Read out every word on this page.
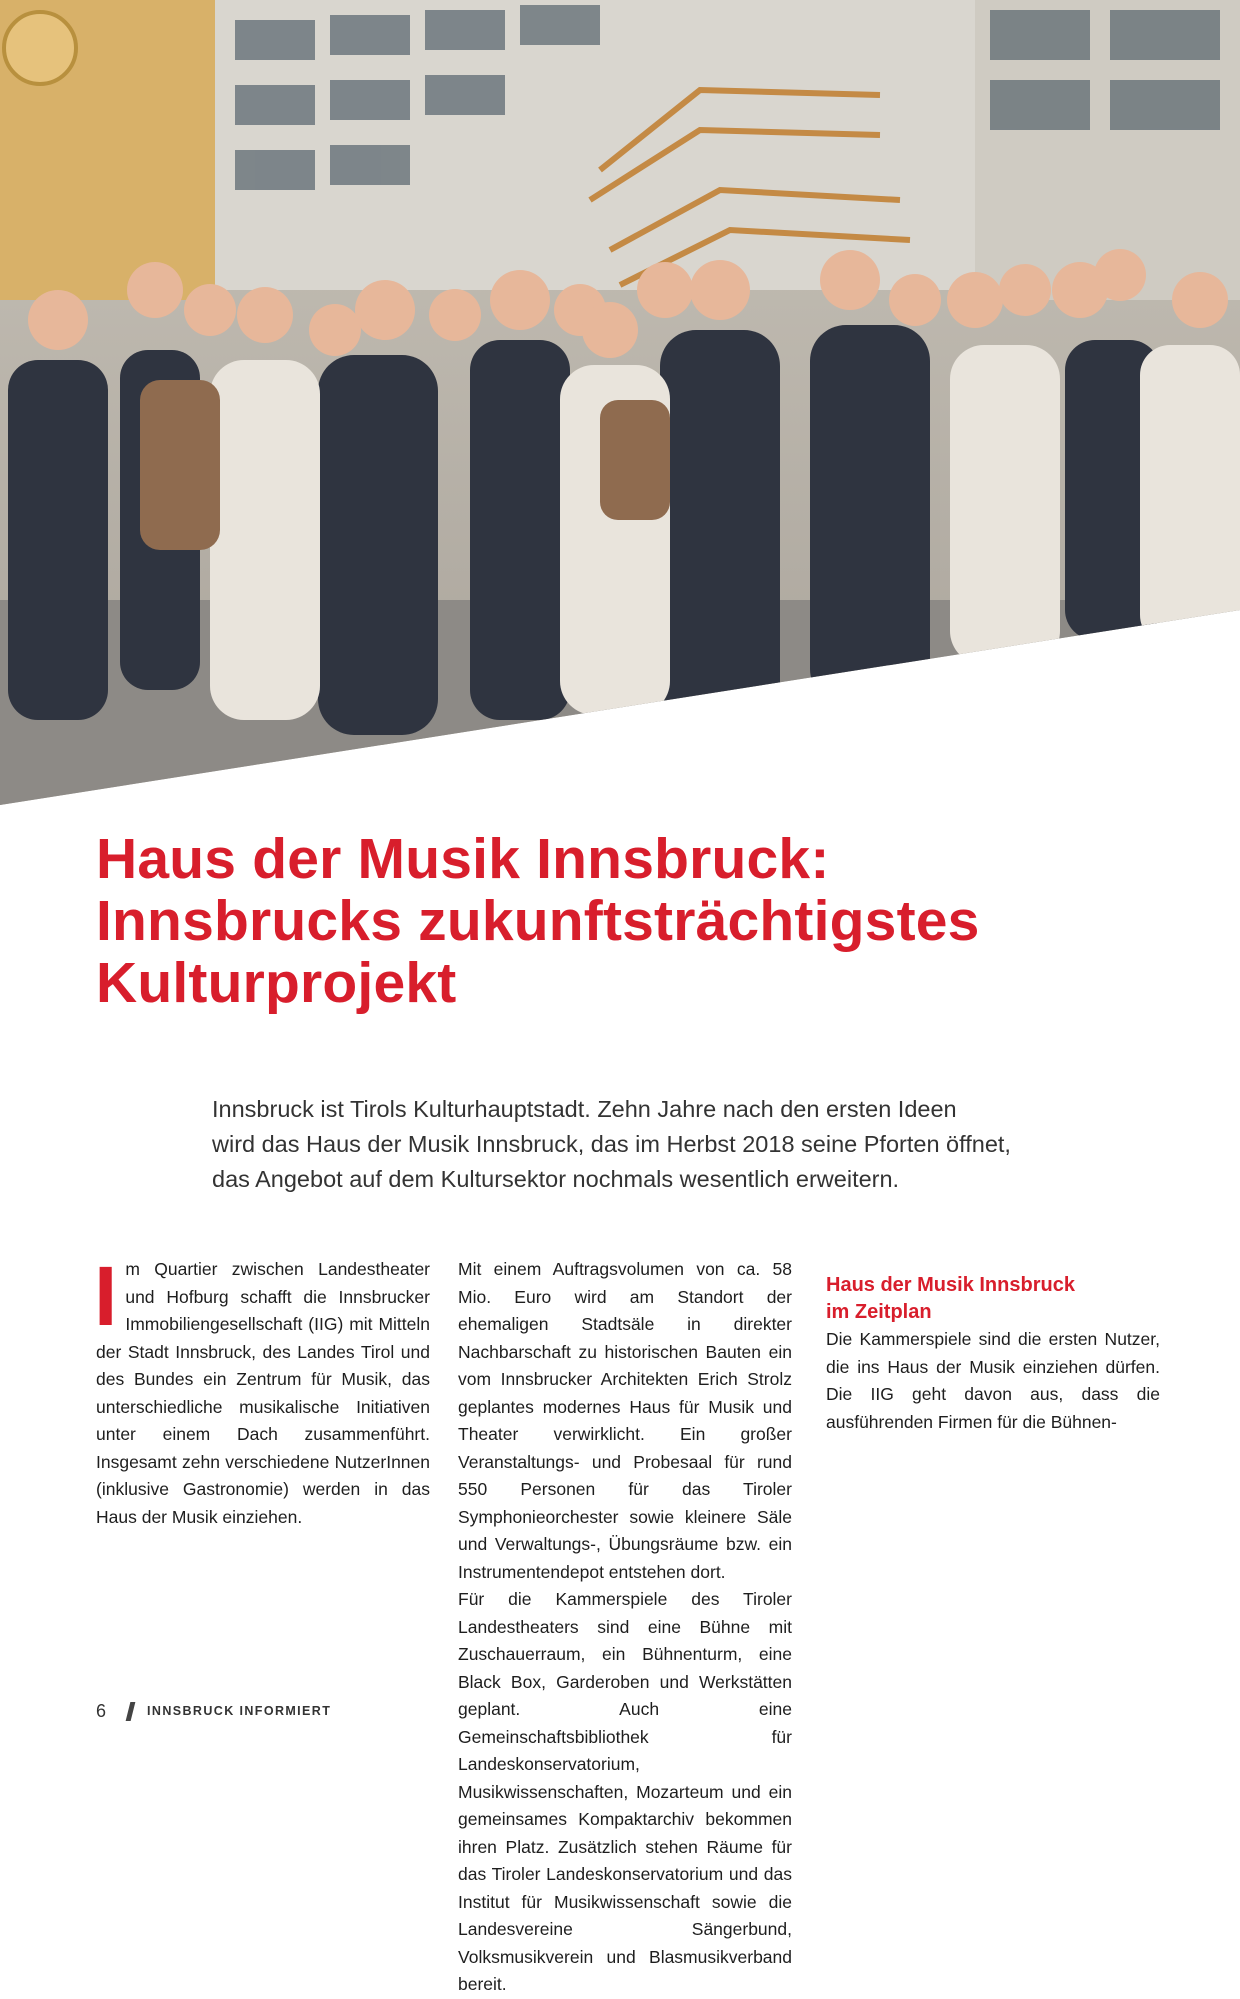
Haus der Musik Innsbruck:
Innsbrucks zukunftsträchtigstes
Kulturprojekt

Innsbruck ist Tirols Kulturhauptstadt. Zehn Jahre nach den ersten Ideen
wird das Haus der Musik Innsbruck, das im Herbst 2018 seine Pforten öffnet,
das Angebot auf dem Kultursektor nochmals wesentlich erweitern.

I m Quartier zwischen Landestheater und Hofburg schafft die Innsbrucker Immobiliengesellschaft (IIG) mit Mitteln der Stadt Innsbruck, des Landes Tirol und des Bundes ein Zentrum für Musik, das unterschiedliche musikalische Initiativen unter einem Dach zusammenführt. Insgesamt zehn verschiedene NutzerInnen (inklusive Gastronomie) werden in das Haus der Musik einziehen.

Mit einem Auftragsvolumen von ca. 58 Mio. Euro wird am Standort der ehemaligen Stadtsäle in direkter Nachbarschaft zu historischen Bauten ein vom Innsbrucker Architekten Erich Strolz geplantes modernes Haus für Musik und Theater verwirklicht. Ein großer Veranstaltungs- und Probesaal für rund 550 Personen für das Tiroler Symphonieorchester sowie kleinere Säle und Verwaltungs-, Übungsräume bzw. ein Instrumentendepot entstehen dort.

Für die Kammerspiele des Tiroler Landestheaters sind eine Bühne mit Zuschauerraum, ein Bühnenturm, eine Black Box, Garderoben und Werkstätten geplant. Auch eine Gemeinschaftsbibliothek für Landeskonservatorium, Musikwissenschaften, Mozarteum und ein gemeinsames Kompaktarchiv bekommen ihren Platz. Zusätzlich stehen Räume für das Tiroler Landeskonservatorium und das Institut für Musikwissenschaft sowie die Landesvereine Sängerbund, Volksmusikverein und Blasmusikverband bereit.

Haus der Musik Innsbruck
im Zeitplan

Die Kammerspiele sind die ersten Nutzer, die ins Haus der Musik einziehen dürfen. Die IIG geht davon aus, dass die ausführenden Firmen für die Bühnen-

6	INNSBRUCK INFORMIERT
